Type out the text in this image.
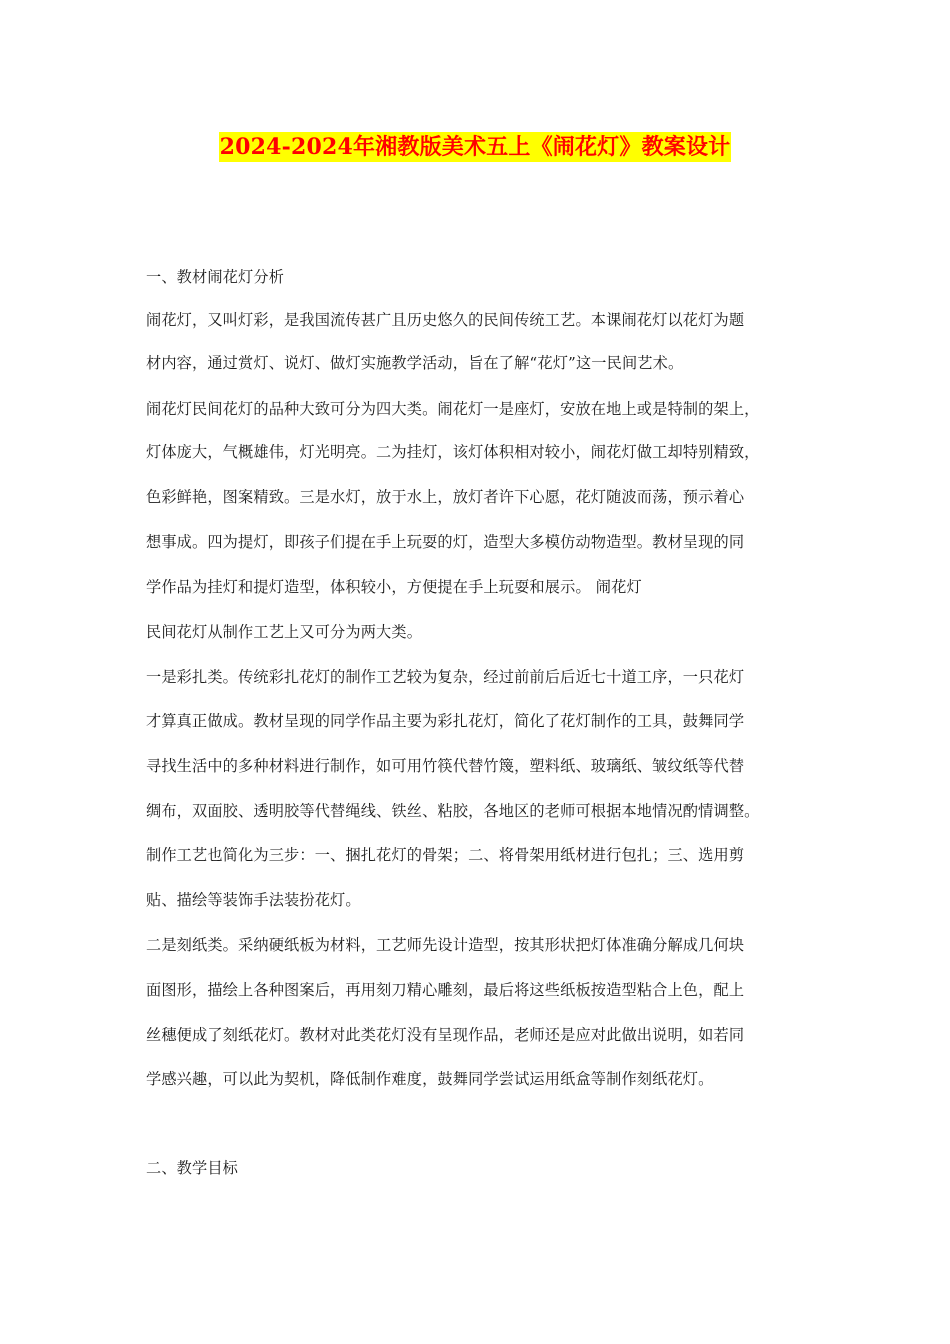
2024-2024年湘教版美术五上《闹花灯》教案设计
一、教材闹花灯分析
闹花灯，又叫灯彩，是我国流传甚广且历史悠久的民间传统工艺。本课闹花灯以花灯为题
材内容，通过赏灯、说灯、做灯实施教学活动，旨在了解“花灯”这一民间艺术。
闹花灯民间花灯的品种大致可分为四大类。闹花灯一是座灯，安放在地上或是特制的架上，
灯体庞大，气概雄伟，灯光明亮。二为挂灯，该灯体积相对较小，闹花灯做工却特别精致，
色彩鲜艳，图案精致。三是水灯，放于水上，放灯者许下心愿，花灯随波而荡，预示着心
想事成。四为提灯，即孩子们提在手上玩耍的灯，造型大多模仿动物造型。教材呈现的同
学作品为挂灯和提灯造型，体积较小，方便提在手上玩耍和展示。 闹花灯
民间花灯从制作工艺上又可分为两大类。
一是彩扎类。传统彩扎花灯的制作工艺较为复杂，经过前前后后近七十道工序，一只花灯
才算真正做成。教材呈现的同学作品主要为彩扎花灯，简化了花灯制作的工具，鼓舞同学
寻找生活中的多种材料进行制作，如可用竹筷代替竹篾，塑料纸、玻璃纸、皱纹纸等代替
绸布，双面胶、透明胶等代替绳线、铁丝、粘胶，各地区的老师可根据本地情况酌情调整。
制作工艺也简化为三步：一、捆扎花灯的骨架；二、将骨架用纸材进行包扎；三、选用剪
贴、描绘等装饰手法装扮花灯。
二是刻纸类。采纳硬纸板为材料，工艺师先设计造型，按其形状把灯体准确分解成几何块
面图形，描绘上各种图案后，再用刻刀精心雕刻，最后将这些纸板按造型粘合上色，配上
丝穗便成了刻纸花灯。教材对此类花灯没有呈现作品，老师还是应对此做出说明，如若同
学感兴趣，可以此为契机，降低制作难度，鼓舞同学尝试运用纸盒等制作刻纸花灯。
二、教学目标
